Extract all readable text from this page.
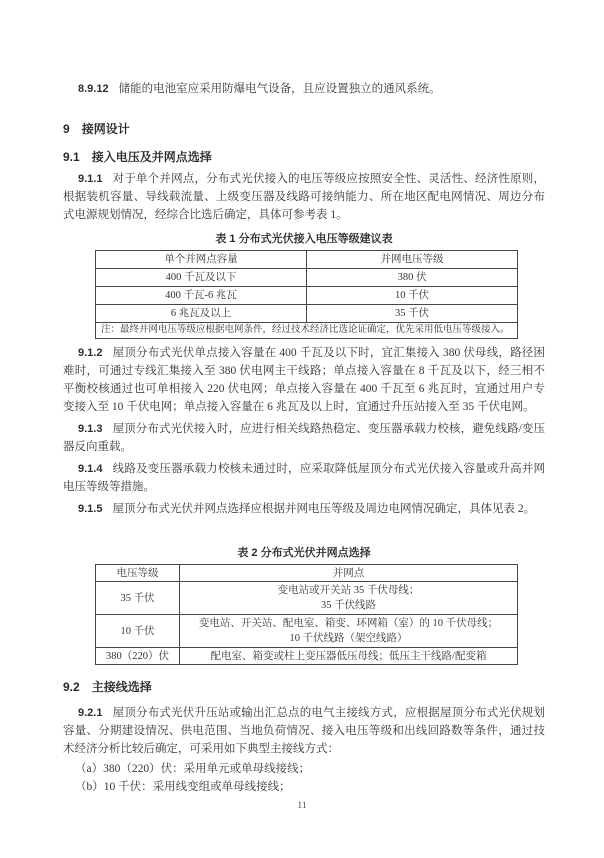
8.9.12 储能的电池室应采用防爆电气设备，且应设置独立的通风系统。

9 接网设计
9.1 接入电压及并网点选择

9.1.1 对于单个并网点，分布式光伏接入的电压等级应按照安全性、灵活性、经济性原则，根据装机容量、导线载流量、上级变压器及线路可接纳能力、所在地区配电网情况、周边分布式电源规划情况，经综合比选后确定，具体可参考表 1。

表 1 分布式光伏接入电压等级建议表
单个并网点容量	并网电压等级
400 千瓦及以下	380 伏
400 千瓦-6 兆瓦	10 千伏
6 兆瓦及以上	35 千伏
注：最终并网电压等级应根据电网条件，经过技术经济比选论证确定，优先采用低电压等级接入。	

9.1.2 屋顶分布式光伏单点接入容量在 400 千瓦及以下时，宜汇集接入 380 伏母线，路径困难时，可通过专线汇集接入至 380 伏电网主干线路；单点接入容量在 8 千瓦及以下，经三相不平衡校核通过也可单相接入 220 伏电网；单点接入容量在 400 千瓦至 6 兆瓦时，宜通过用户专变接入至 10 千伏电网；单点接入容量在 6 兆瓦及以上时，宜通过升压站接入至 35 千伏电网。

9.1.3 屋顶分布式光伏接入时，应进行相关线路热稳定、变压器承载力校核，避免线路/变压器反向重载。

9.1.4 线路及变压器承载力校核未通过时，应采取降低屋顶分布式光伏接入容量或升高并网电压等级等措施。

9.1.5 屋顶分布式光伏并网点选择应根据并网电压等级及周边电网情况确定，具体见表 2。

表 2 分布式光伏并网点选择
电压等级	并网点
35 千伏	变电站或开关站 35 千伏母线；
35 千伏线路

10 千伏	变电站、开关站、配电室、箱变、环网箱（室）的 10 千伏母线；
10 千伏线路（架空线路）

380（220）伏	配电室、箱变或柱上变压器低压母线；低压主干线路/配变箱
9.2 主接线选择

9.2.1 屋顶分布式光伏升压站或输出汇总点的电气主接线方式，应根据屋顶分布式光伏规划容量、分期建设情况、供电范围、当地负荷情况、接入电压等级和出线回路数等条件，通过技术经济分析比较后确定，可采用如下典型主接线方式：

（a）380（220）伏：采用单元或单母线接线；

（b）10 千伏：采用线变组或单母线接线；

11
